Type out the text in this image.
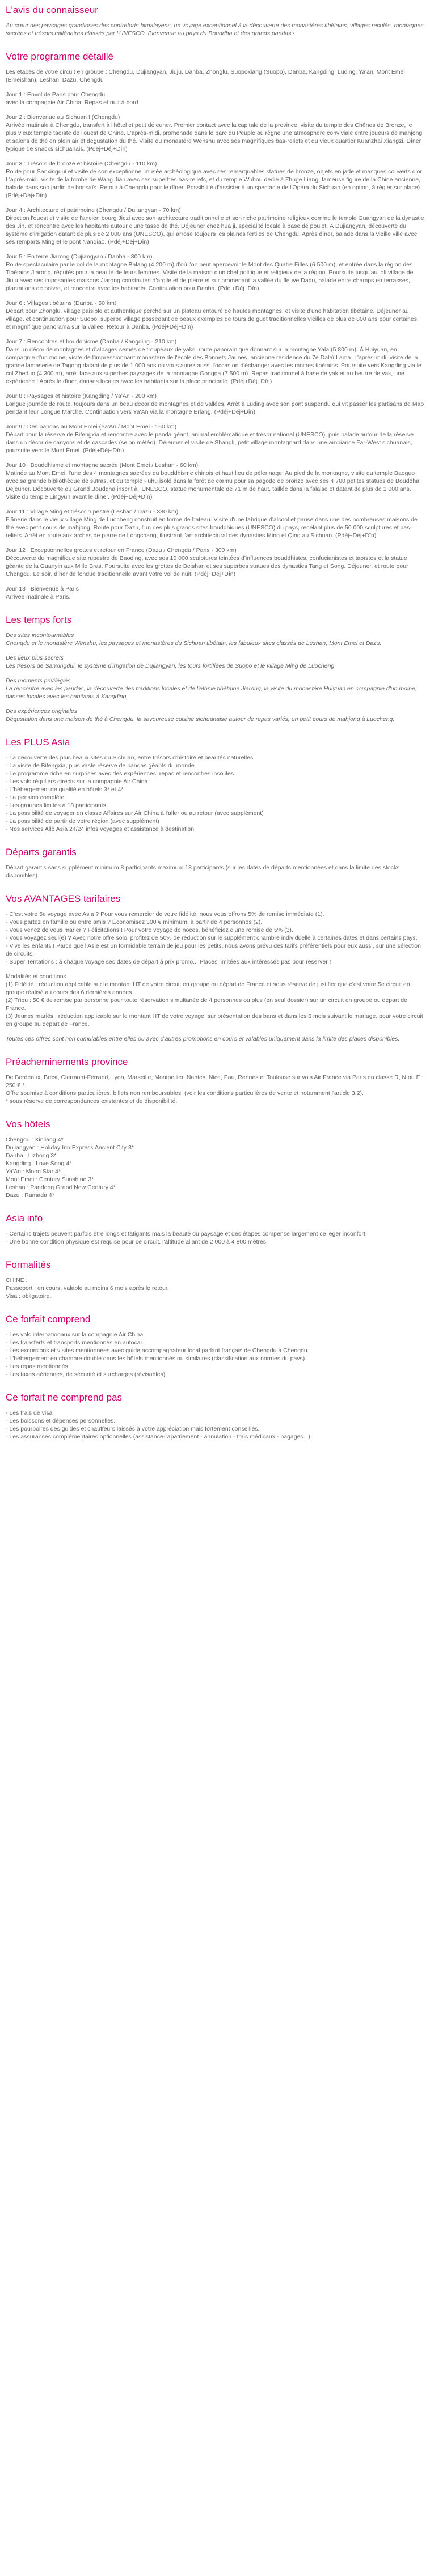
L'avis du connaisseur

Au cœur des paysages grandioses des contreforts himalayens, un voyage exceptionnel à la découverte des monastères tibétains, villages reculés, montagnes sacrées et trésors millénaires classés par l'UNESCO. Bienvenue au pays du Bouddha et des grands pandas !

Votre programme détaillé

Les étapes de votre circuit en groupe : Chengdu, Dujiangyan, Jiuju, Danba, Zhonglu, Suopoxiang (Suopo), Danba, Kangding, Luding, Ya'an, Mont Emei (Emeishan), Leshan, Dazu, Chengdu

Jour 1 : Envol de Paris pour Chengdu
avec la compagnie Air China. Repas et nuit à bord.

Jour 2 : Bienvenue au Sichuan ! (Chengdu)
Arrivée matinale à Chengdu, transfert à l'hôtel et petit déjeuner. Premier contact avec la capitale de la province, visite du temple des Chênes de Bronze, le plus vieux temple taoïste de l'ouest de Chine. L'après-midi, promenade dans le parc du Peuple où règne une atmosphère conviviale entre joueurs de mahjong et salons de thé en plein air et dégustation du thé. Visite du monastère Wenshu avec ses magnifiques bas-reliefs et du vieux quartier Kuanzhai Xiangzi. Dîner typique de snacks sichuanais. (Pdéj+Déj+Dîn)

Jour 3 : Trésors de bronze et histoire (Chengdu - 110 km)
Route pour Sanxingdui et visite de son exceptionnel musée archéologique avec ses remarquables statues de bronze, objets en jade et masques couverts d'or. L'après-midi, visite de la tombe de Wang Jian avec ses superbes bas-reliefs, et du temple Wuhou dédié à Zhuge Liang, fameuse figure de la Chine ancienne, balade dans son jardin de bonsaïs. Retour à Chengdu pour le dîner. Possibilité d'assister à un spectacle de l'Opéra du Sichuan (en option, à régler sur place). (Pdéj+Déj+Dîn)

Jour 4 : Architecture et patrimoine (Chengdu / Dujiangyan - 70 km)
Direction l'ouest et visite de l'ancien bourg Jiezi avec son architecture traditionnelle et son riche patrimoine religieux comme le temple Guangyan de la dynastie des Jin, et rencontre avec les habitants autour d'une tasse de thé. Déjeuner chez hua ji, spécialité locale à base de poulet. À Dujiangyan, découverte du système d'irrigation datant de plus de 2 000 ans (UNESCO), qui arrose toujours les plaines fertiles de Chengdu. Après dîner, balade dans la vieille ville avec ses remparts Ming et le pont Nanqiao. (Pdéj+Déj+Dîn)

Jour 5 : En terre Jiarong (Dujiangyan / Danba - 300 km)
Route spectaculaire par le col de la montagne Balang (4 200 m) d'où l'on peut apercevoir le Mont des Quatre Filles (6 500 m), et entrée dans la région des Tibétains Jiarong, réputés pour la beauté de leurs femmes. Visite de la maison d'un chef politique et religieux de la région. Poursuite jusqu'au joli village de Jiuju avec ses imposantes maisons Jiarong construites d'argile et de pierre et sur promenant la vallée du fleuve Dadu, balade entre champs en terrasses, plantations de poivre, et rencontre avec les habitants. Continuation pour Danba. (Pdéj+Déj+Dîn)

Jour 6 : Villages tibétains (Danba - 50 km)
Départ pour Zhonglu, village paisible et authentique perché sur un plateau entouré de hautes montagnes, et visite d'une habitation tibétaine. Déjeuner au village, et continuation pour Suopo, superbe village possédant de beaux exemples de tours de guet traditionnelles vieilles de plus de 800 ans pour certaines, et magnifique panorama sur la vallée. Retour à Danba. (Pdéj+Déj+Dîn)

Jour 7 : Rencontres et bouddhisme (Danba / Kangding - 210 km)
Dans un décor de montagnes et d'alpages semés de troupeaux de yaks, route panoramique donnant sur la montagne Yala (5 800 m). À Huiyuan, en compagnie d'un moine, visite de l'impressionnant monastère de l'école des Bonnets Jaunes, ancienne résidence du 7e Dalaï Lama. L'après-midi, visite de la grande lamaserie de Tagong datant de plus de 1 000 ans où vous aurez aussi l'occasion d'échanger avec les moines tibétains. Poursuite vers Kangding via le col Zheduo (4 300 m), arrêt face aux superbes paysages de la montagne Gongga (7 500 m). Repas traditionnel à base de yak et au beurre de yak, une expérience ! Après le dîner, danses locales avec les habitants sur la place principale. (Pdéj+Déj+Dîn)

Jour 8 : Paysages et histoire (Kangding / Ya'An - 200 km)
Longue journée de route, toujours dans un beau décor de montagnes et de vallées. Arrêt à Luding avec son pont suspendu qui vit passer les partisans de Mao pendant leur Longue Marche. Continuation vers Ya'An via la montagne Erlang. (Pdéj+Déj+Dîn)

Jour 9 : Des pandas au Mont Emei (Ya'An / Mont Emei - 160 km)
Départ pour la réserve de Bifengxia et rencontre avec le panda géant, animal emblématique et trésor national (UNESCO), puis balade autour de la réserve dans un décor de canyons et de cascades (selon météo). Déjeuner et visite de Shangli, petit village montagnard dans une ambiance Far-West sichuanais, poursuite vers le Mont Emei. (Pdéj+Déj+Dîn)

Jour 10 : Bouddhisme et montagne sacrée (Mont Emei / Leshan - 60 km)
Matinée au Mont Emei, l'une des 4 montagnes sacrées du bouddhisme chinois et haut lieu de pèlerinage. Au pied de la montagne, visite du temple Baoguo avec sa grande bibliothèque de sutras, et du temple Fuhu isolé dans la forêt de cormu pour sa pagode de bronze avec ses 4 700 petites statues de Bouddha. Déjeuner. Découverte du Grand Bouddha inscrit à l'UNESCO, statue monumentale de 71 m de haut, taillée dans la falaise et datant de plus de 1 000 ans. Visite du temple Lingyun avant le dîner. (Pdéj+Déj+Dîn)

Jour 11 : Village Ming et trésor rupestre (Leshan / Dazu - 330 km)
Flânerie dans le vieux village Ming de Luocheng construit en forme de bateau. Visite d'une fabrique d'alcool et pause dans une des nombreuses maisons de thé avec petit cours de mahjong. Route pour Dazu, l'un des plus grands sites bouddhiques (UNESCO) du pays, recélant plus de 50 000 sculptures et bas-reliefs. Arrêt en route aux arches de pierre de Longchang, illustrant l'art architectural des dynasties Ming et Qing au Sichuan. (Pdéj+Déj+Dîn)

Jour 12 : Exceptionnelles grottes et retour en France (Dazu / Chengdu / Paris - 300 km)
Découverte du magnifique site rupestre de Baoding, avec ses 10 000 sculptures teintées d'influences bouddhistes, confucianistes et taoïstes et la statue géante de la Guanyin aux Mille Bras. Poursuite avec les grottes de Beishan et ses superbes statues des dynasties Tang et Song. Déjeuner, et route pour Chengdu. Le soir, dîner de fondue traditionnelle avant votre vol de nuit. (Pdéj+Déj+Dîn)

Jour 13 : Bienvenue à Paris
Arrivée matinale à Paris.

Les temps forts

Des sites incontournables
Chengdu et le monastère Wenshu, les paysages et monastères du Sichuan tibétain, les fabuleux sites classés de Leshan, Mont Emei et Dazu.

Des lieux plus secrets
Les trésors de Sanxingdui, le système d'irrigation de Dujiangyan, les tours fortifiées de Suopo et le village Ming de Luocheng

Des moments privilégiés
La rencontre avec les pandas, la découverte des traditions locales et de l'ethnie tibétaine Jiarong, la visite du monastère Huiyuan en compagnie d'un moine, danses locales avec les habitants à Kangding.

Des expériences originales
Dégustation dans une maison de thé à Chengdu, la savoureuse cuisine sichuanaise autour de repas variés, un petit cours de mahjong à Luocheng.

Les PLUS Asia

- La découverte des plus beaux sites du Sichuan, entre trésors d'histoire et beautés naturelles
- La visite de Bifengxia, plus vaste réserve de pandas géants du monde
- Le programme riche en surprises avec des expériences, repas et rencontres insolites
- Les vols réguliers directs sur la compagnie Air China
- L'hébergement de qualité en hôtels 3* et 4*
- La pension complète
- Les groupes limités à 18 participants
- La possibilité de voyager en classe Affaires sur Air China à l'aller ou au retour (avec supplément)
- La possibilité de partir de votre région (avec supplément)
- Nos services Allô Asia 24/24 infos voyages et assistance à destination

Départs garantis

Départ garantis sans supplément minimum 8 participants maximum 18 participants (sur les dates de départs mentionnées et dans la limite des stocks disponibles).

Vos AVANTAGES tarifaires

- C'est votre 5e voyage avec Asia ? Pour vous remercier de votre fidélité, nous vous offrons 5% de remise immédiate (1).
- Vous partez en famille ou entre amis ? Économisez 300 € minimum, à partir de 4 personnes (2).
- Vous venez de vous marier ? Félicitations ! Pour votre voyage de noces, bénéficiez d'une remise de 5% (3).
- Vous voyagez seul(e) ? Avec notre offre solo, profitez de 50% de réduction sur le supplément chambre individuelle à certaines dates et dans certains pays.
- Vive les enfants ! Parce que l'Asie est un formidable terrain de jeu pour les petits, nous avons prévu des tarifs préférentiels pour eux aussi, sur une sélection de circuits.
- Super Tentations : à chaque voyage ses dates de départ à prix promo... Places limitées aux intéressés pas pour réserver !

Modalités et conditions
(1) Fidélité : réduction applicable sur le montant HT de votre circuit en groupe ou départ de France et sous réserve de justifier que c'est votre 5e circuit en groupe réalisé au cours des 6 dernières années.
(2) Tribu : 50 € de remise par personne pour toute réservation simultanée de 4 personnes ou plus (en seul dossier) sur un circuit en groupe ou départ de France.
(3) Jeunes mariés : réduction applicable sur le montant HT de votre voyage, sur présentation des bans et dans les 6 mois suivant le mariage, pour votre circuit en groupe au départ de France.

Toutes ces offres sont non cumulables entre elles ou avec d'autres promotions en cours et valables uniquement dans la limite des places disponibles.

Préacheminements province

De Bordeaux, Brest, Clermont-Ferrand, Lyon, Marseille, Montpellier, Nantes, Nice, Pau, Rennes et Toulouse sur vols Air France via Paris en classe R, N ou E : 250 € *.
Offre soumise à conditions particulières, billets non remboursables. (voir les conditions particulières de vente et notamment l'article 3.2).
* sous réserve de correspondances existantes et de disponibilité.

Vos hôtels

Chengdu : Xinliang 4*
Dujiangyan : Holiday Inn Express Ancient City 3*
Danba : Lizhong 3*
Kangding : Love Song 4*
Ya'An : Moon Star 4*
Mont Emei : Century Sunshine 3*
Leshan : Pandong Grand New Century 4*
Dazu : Ramada 4*

Asia info

- Certains trajets peuvent parfois être longs et fatigants mais la beauté du paysage et des étapes compense largement ce léger inconfort.
- Une bonne condition physique est requise pour ce circuit, l'altitude allant de 2 000 à 4 800 mètres.

Formalités

CHINE :
Passeport : en cours, valable au moins 6 mois après le retour.
Visa : obligatoire.

Ce forfait comprend

- Les vols internationaux sur la compagnie Air China.
- Les transferts et transports mentionnés en autocar.
- Les excursions et visites mentionnées avec guide accompagnateur local parlant français de Chengdu à Chengdu.
- L'hébergement en chambre double dans les hôtels mentionnés ou similaires (classification aux normes du pays).
- Les repas mentionnés.
- Les taxes aériennes, de sécurité et surcharges (révisables).

Ce forfait ne comprend pas

- Les frais de visa
- Les boissons et dépenses personnelles.
- Les pourboires des guides et chauffeurs laissés à votre appréciation mais fortement conseillés.
- Les assurances complémentaires optionnelles (assistance-rapatriement - annulation - frais médicaux - bagages...).
